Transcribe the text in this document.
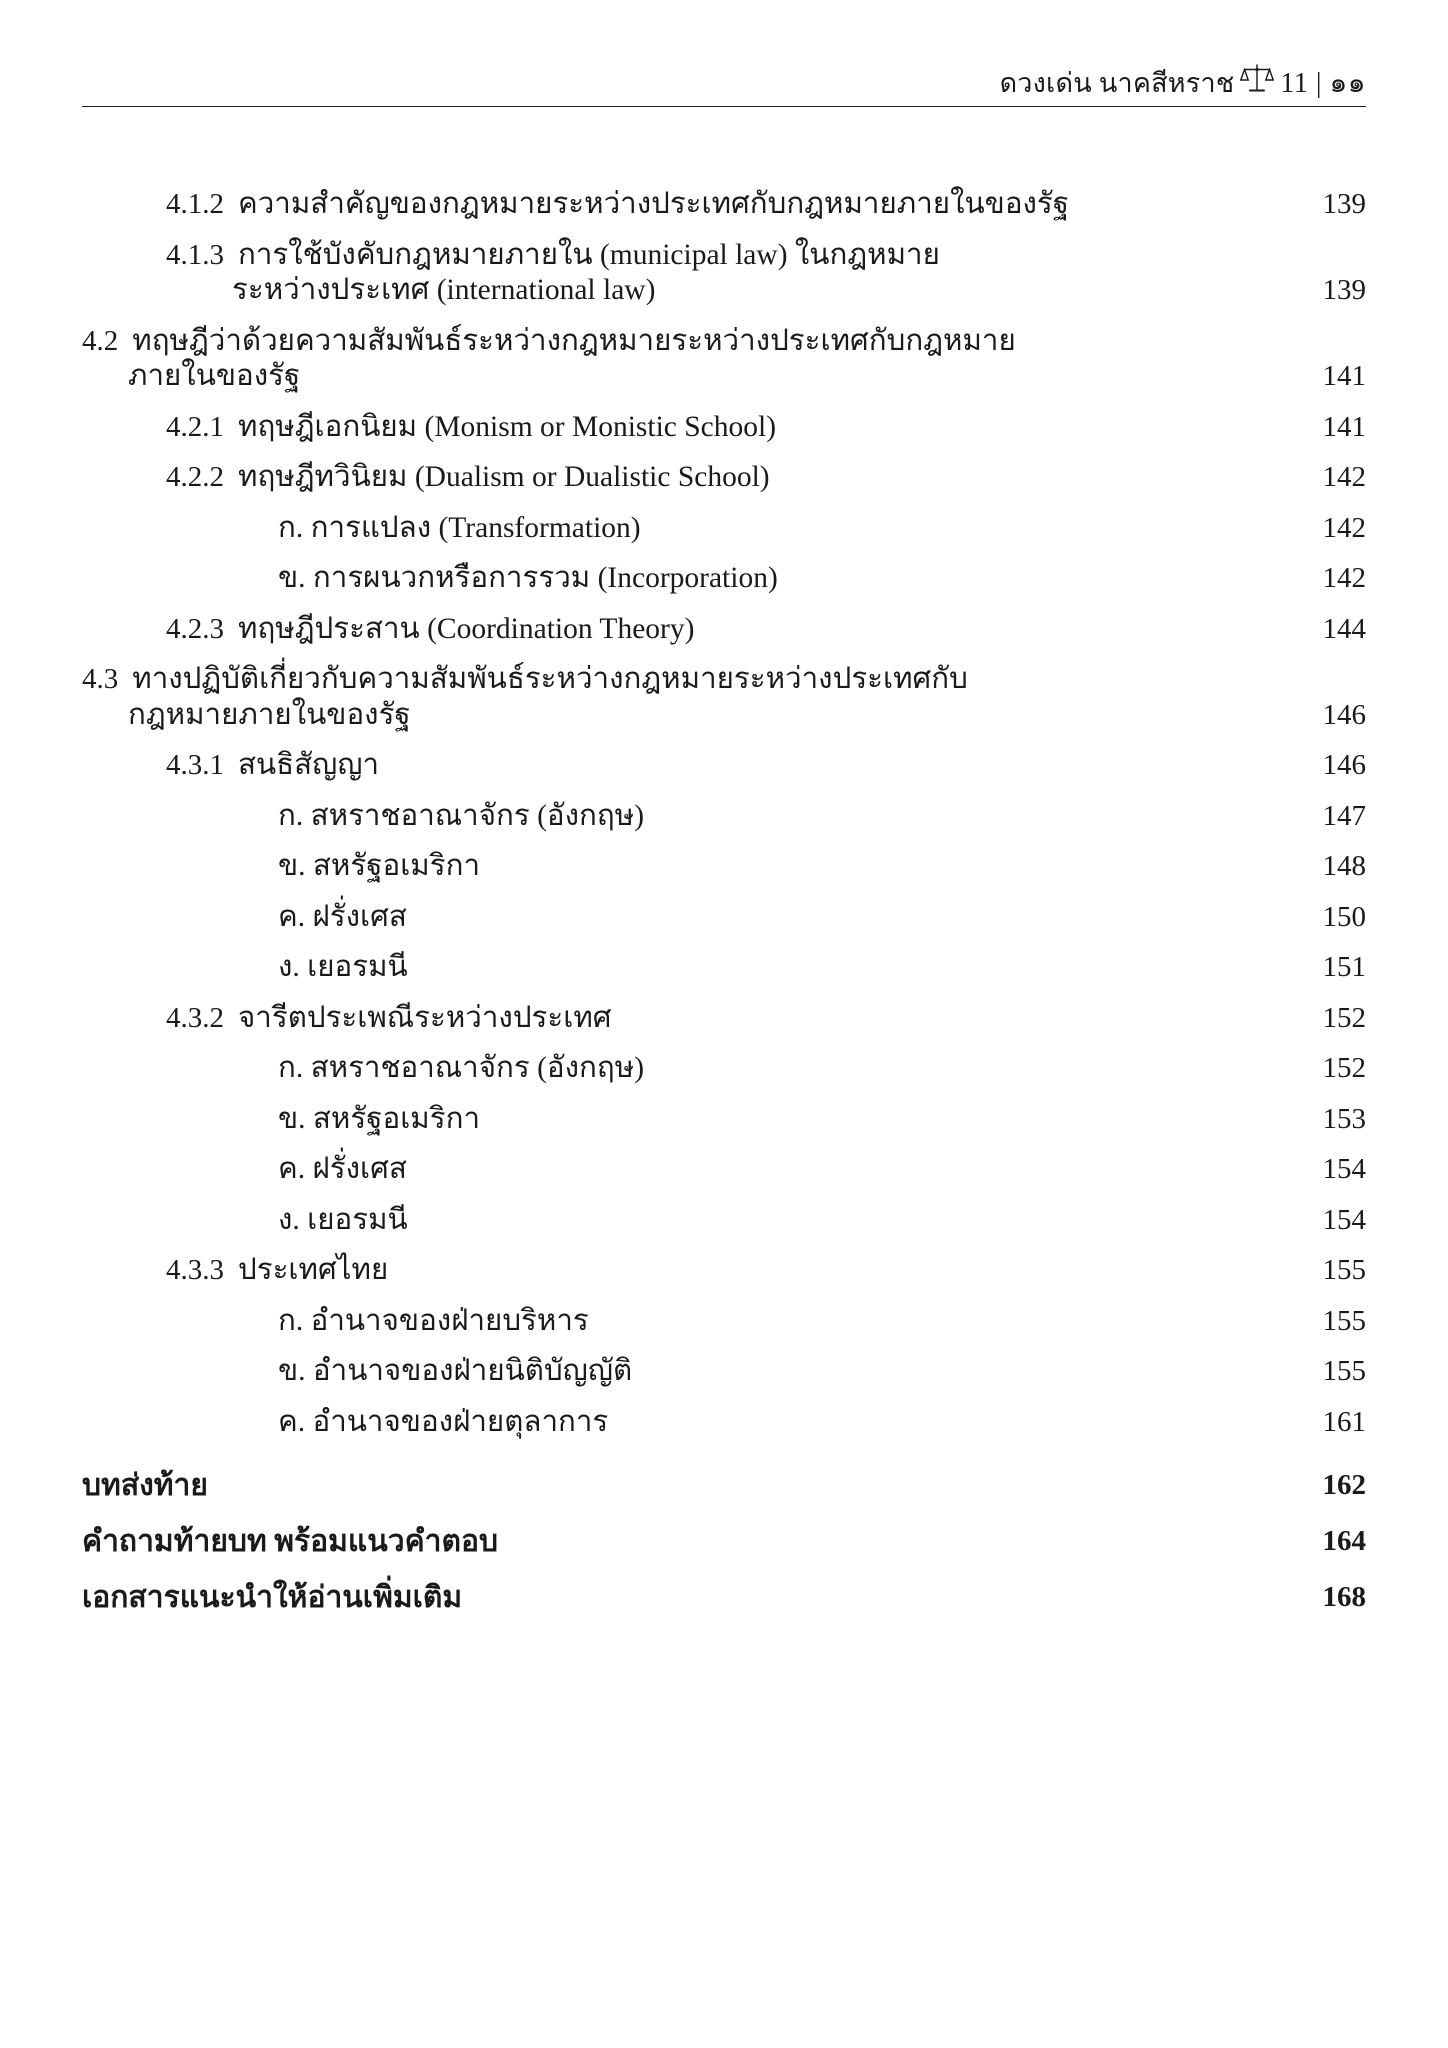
ดวงเด่น นาคสีหราช 11 | ๑๑
4.1.2 ความสำคัญของกฎหมายระหว่างประเทศกับกฎหมายภายในของรัฐ	139
4.1.3 การใช้บังคับกฎหมายภายใน (municipal law) ในกฎหมาย
ระหว่างประเทศ (international law)	139
4.2 ทฤษฎีว่าด้วยความสัมพันธ์ระหว่างกฎหมายระหว่างประเทศกับกฎหมาย
ภายในของรัฐ	141
4.2.1 ทฤษฎีเอกนิยม (Monism or Monistic School)	141
4.2.2 ทฤษฎีทวินิยม (Dualism or Dualistic School)	142
ก. การแปลง (Transformation)	142
ข. การผนวกหรือการรวม (Incorporation)	142
4.2.3 ทฤษฎีประสาน (Coordination Theory)	144
4.3 ทางปฏิบัติเกี่ยวกับความสัมพันธ์ระหว่างกฎหมายระหว่างประเทศกับ
กฎหมายภายในของรัฐ	146
4.3.1 สนธิสัญญา	146
ก. สหราชอาณาจักร (อังกฤษ)	147
ข. สหรัฐอเมริกา	148
ค. ฝรั่งเศส	150
ง. เยอรมนี	151
4.3.2 จารีตประเพณีระหว่างประเทศ	152
ก. สหราชอาณาจักร (อังกฤษ)	152
ข. สหรัฐอเมริกา	153
ค. ฝรั่งเศส	154
ง. เยอรมนี	154
4.3.3 ประเทศไทย	155
ก. อำนาจของฝ่ายบริหาร	155
ข. อำนาจของฝ่ายนิติบัญญัติ	155
ค. อำนาจของฝ่ายตุลาการ	161
บทส่งท้าย	162
คำถามท้ายบท พร้อมแนวคำตอบ	164
เอกสารแนะนำให้อ่านเพิ่มเติม	168
